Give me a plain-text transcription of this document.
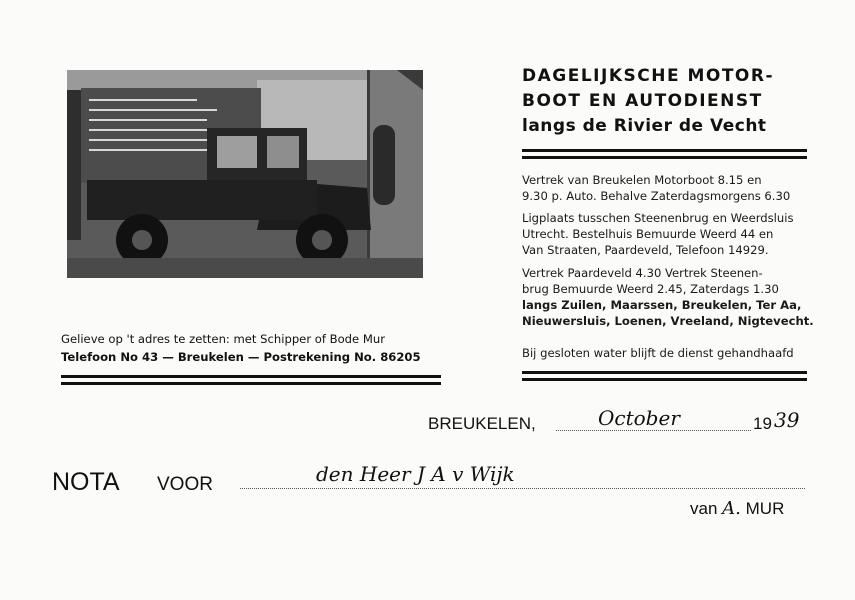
DAGELIJKSCHE MOTOR-
BOOT EN AUTODIENST
langs de Rivier de Vecht
Vertrek van Breukelen Motorboot 8.15 en
9.30 p. Auto. Behalve Zaterdagsmorgens 6.30
Ligplaats tusschen Steenenbrug en Weerdsluis
Utrecht. Bestelhuis Bemuurde Weerd 44 en
Van Straaten, Paardeveld, Telefoon 14929.
Vertrek Paardeveld 4.30 Vertrek Steenen-
brug Bemuurde Weerd 2.45, Zaterdags 1.30
langs Zuilen, Maarssen, Breukelen, Ter Aa,
Nieuwersluis, Loenen, Vreeland, Nigtevecht.
Bij gesloten water blijft de dienst gehandhaafd
Gelieve op 't adres te zetten: met Schipper of Bode Mur
Telefoon No 43 — Breukelen — Postrekening No. 86205
BREUKELEN,	October	19 39
NOTA VOOR	den Heer J A v Wijk
van A. MUR
